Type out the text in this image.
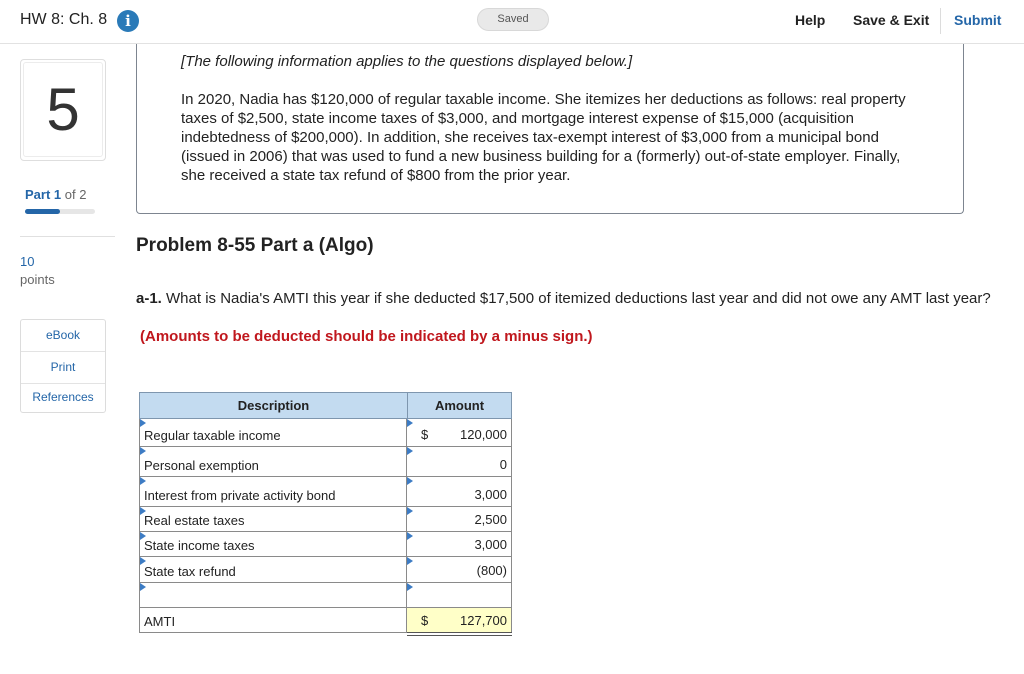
HW 8: Ch. 8	i	Saved	Help Save & Exit Submit
5
Part 1 of 2
10
points
eBook
Print
References
[The following information applies to the questions displayed below.]
In 2020, Nadia has $120,000 of regular taxable income. She itemizes her deductions as follows: real property taxes of $2,500, state income taxes of $3,000, and mortgage interest expense of $15,000 (acquisition indebtedness of $200,000). In addition, she receives tax-exempt interest of $3,000 from a municipal bond (issued in 2006) that was used to fund a new business building for a (formerly) out-of-state employer. Finally, she received a state tax refund of $800 from the prior year.
Problem 8-55 Part a (Algo)
a-1. What is Nadia's AMTI this year if she deducted $17,500 of itemized deductions last year and did not owe any AMT last year?
(Amounts to be deducted should be indicated by a minus sign.)
Description	Amount
Regular taxable income	$ 120,000
Personal exemption	0
Interest from private activity bond	3,000
Real estate taxes	2,500
State income taxes	3,000
State tax refund	(800)
AMTI	$ 127,700
